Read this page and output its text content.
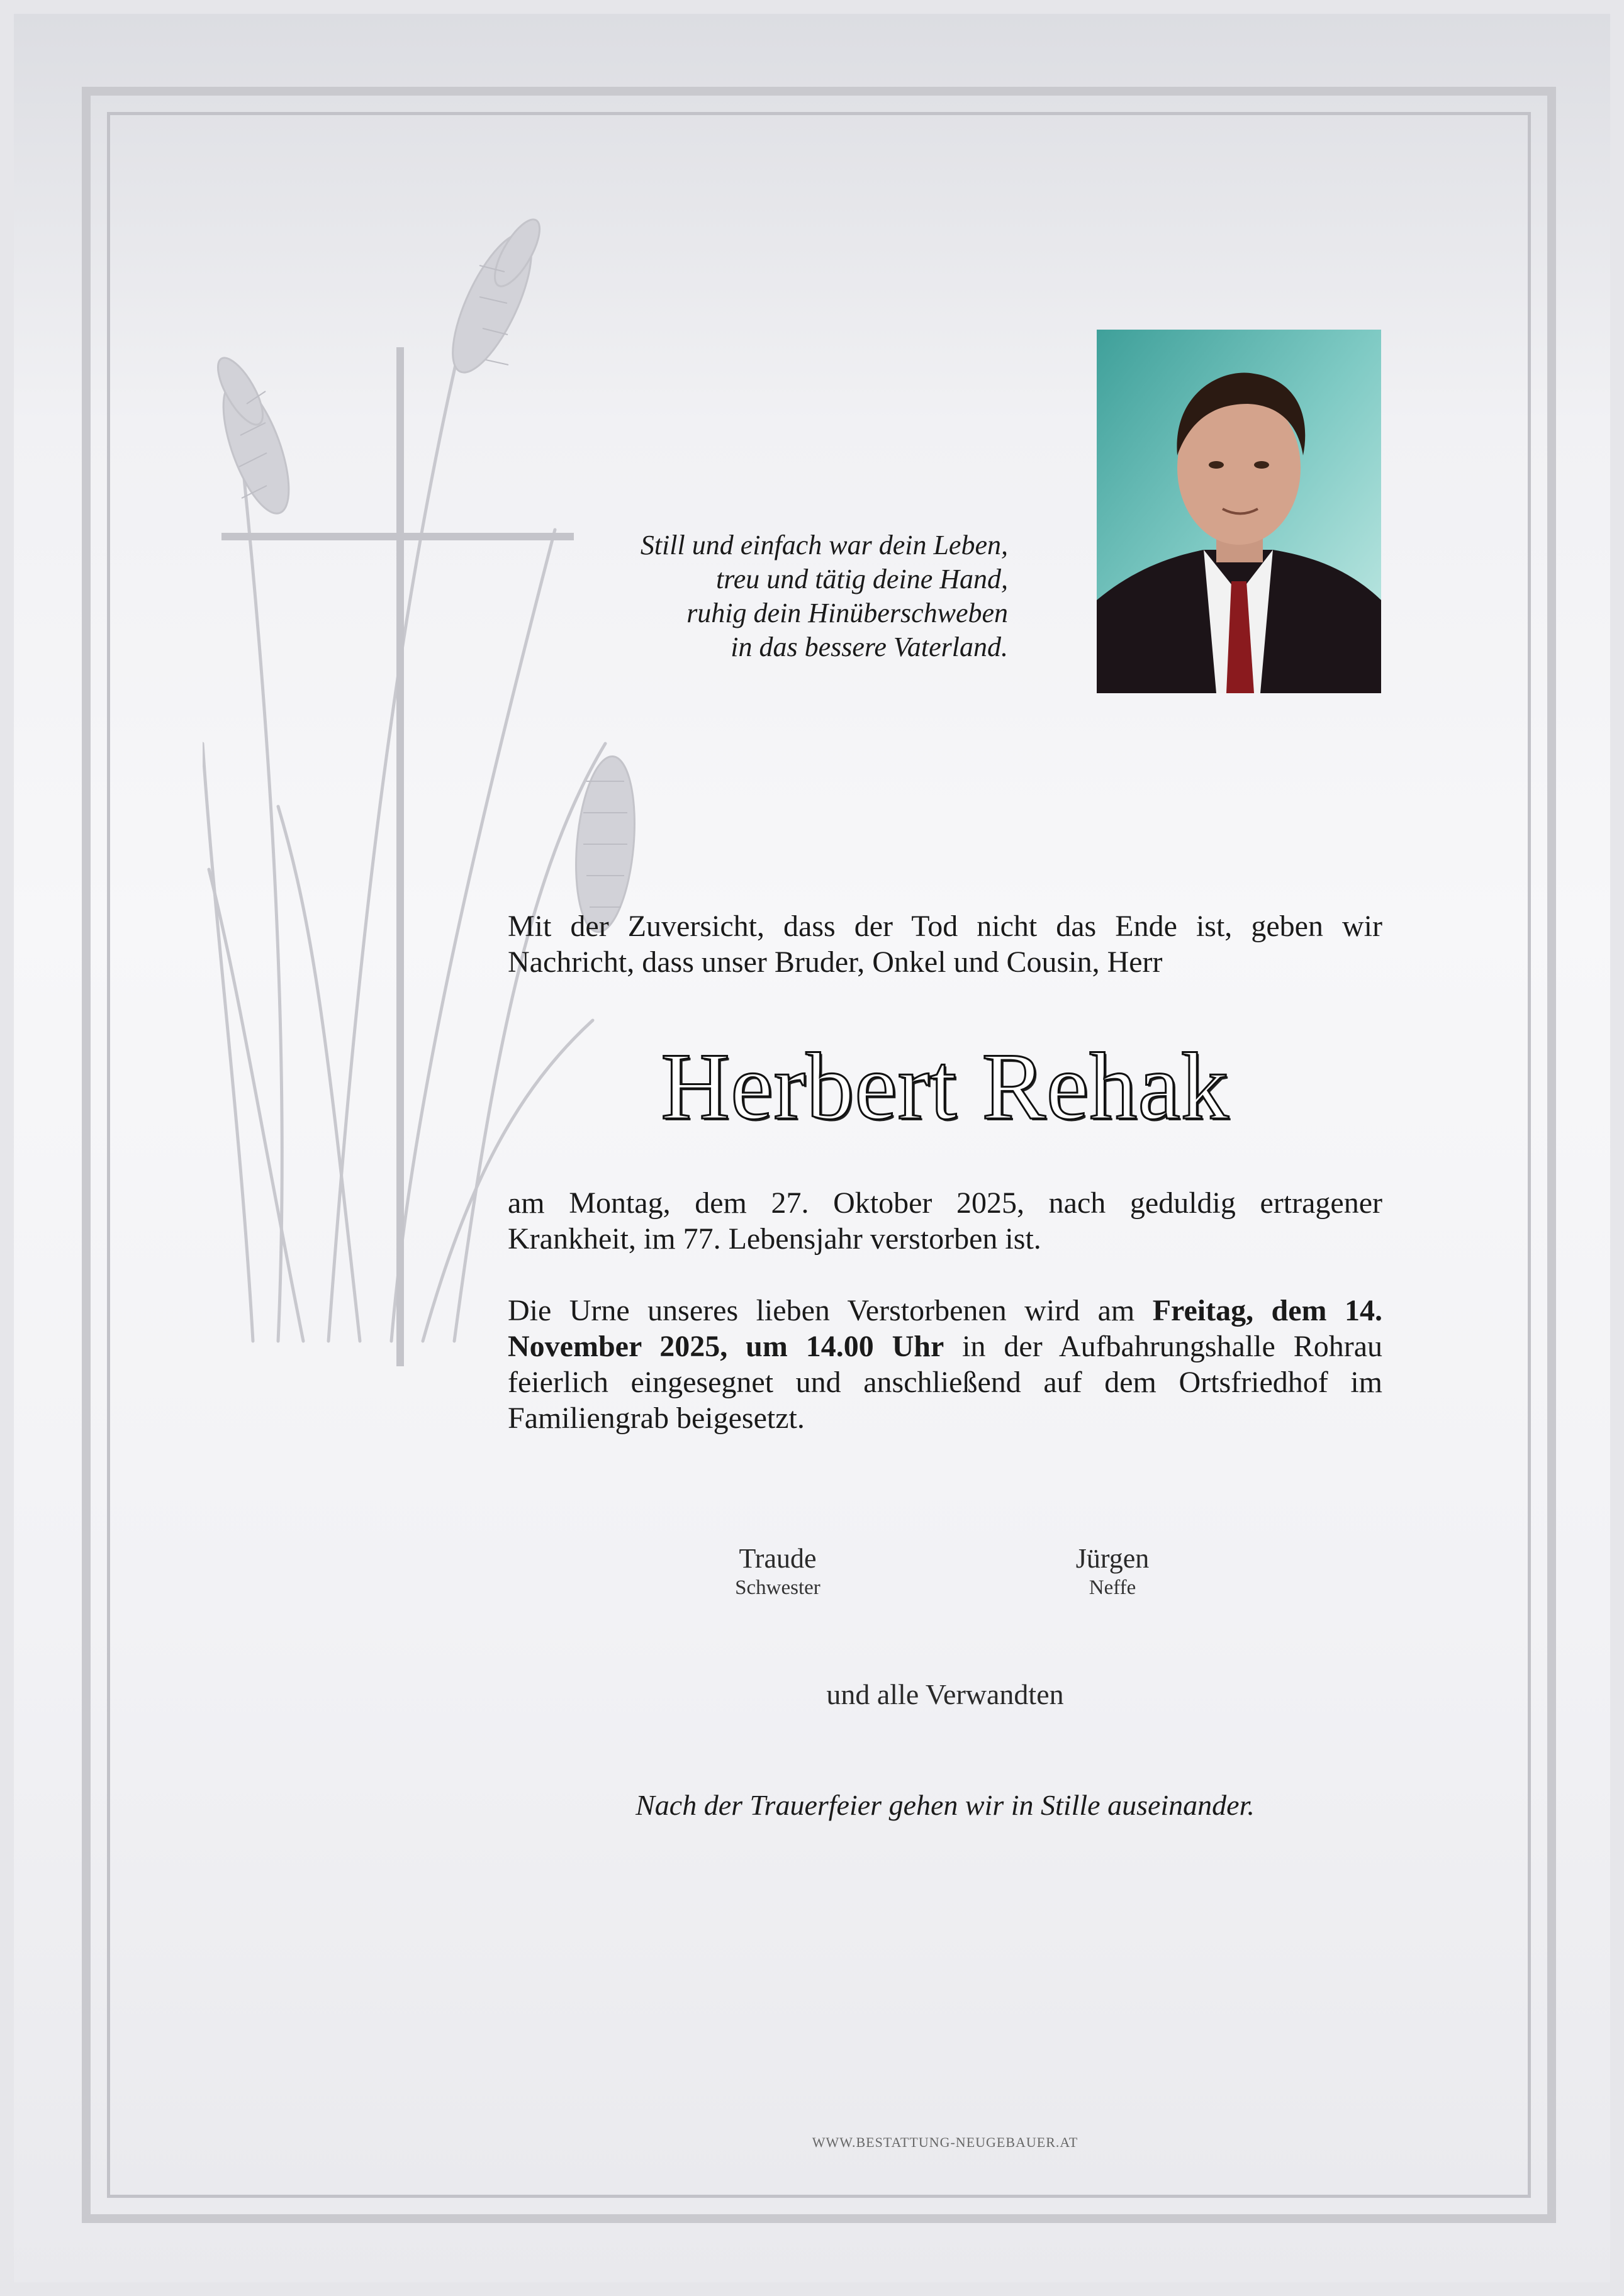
Still und einfach war dein Leben,
treu und tätig deine Hand,
ruhig dein Hinüberschweben
in das bessere Vaterland.
Mit der Zuversicht, dass der Tod nicht das Ende ist, geben wir Nachricht, dass unser Bruder, Onkel und Cousin, Herr
Herbert Rehak
am Montag, dem 27. Oktober 2025, nach geduldig ertragener Krankheit, im 77. Lebensjahr verstorben ist.
Die Urne unseres lieben Verstorbenen wird am Freitag, dem 14. November 2025, um 14.00 Uhr in der Aufbahrungshalle Rohrau feierlich eingesegnet und anschließend auf dem Ortsfriedhof im Familiengrab beigesetzt.
Traude
Schwester
Jürgen
Neffe
und alle Verwandten
Nach der Trauerfeier gehen wir in Stille auseinander.
WWW.BESTATTUNG-NEUGEBAUER.AT
